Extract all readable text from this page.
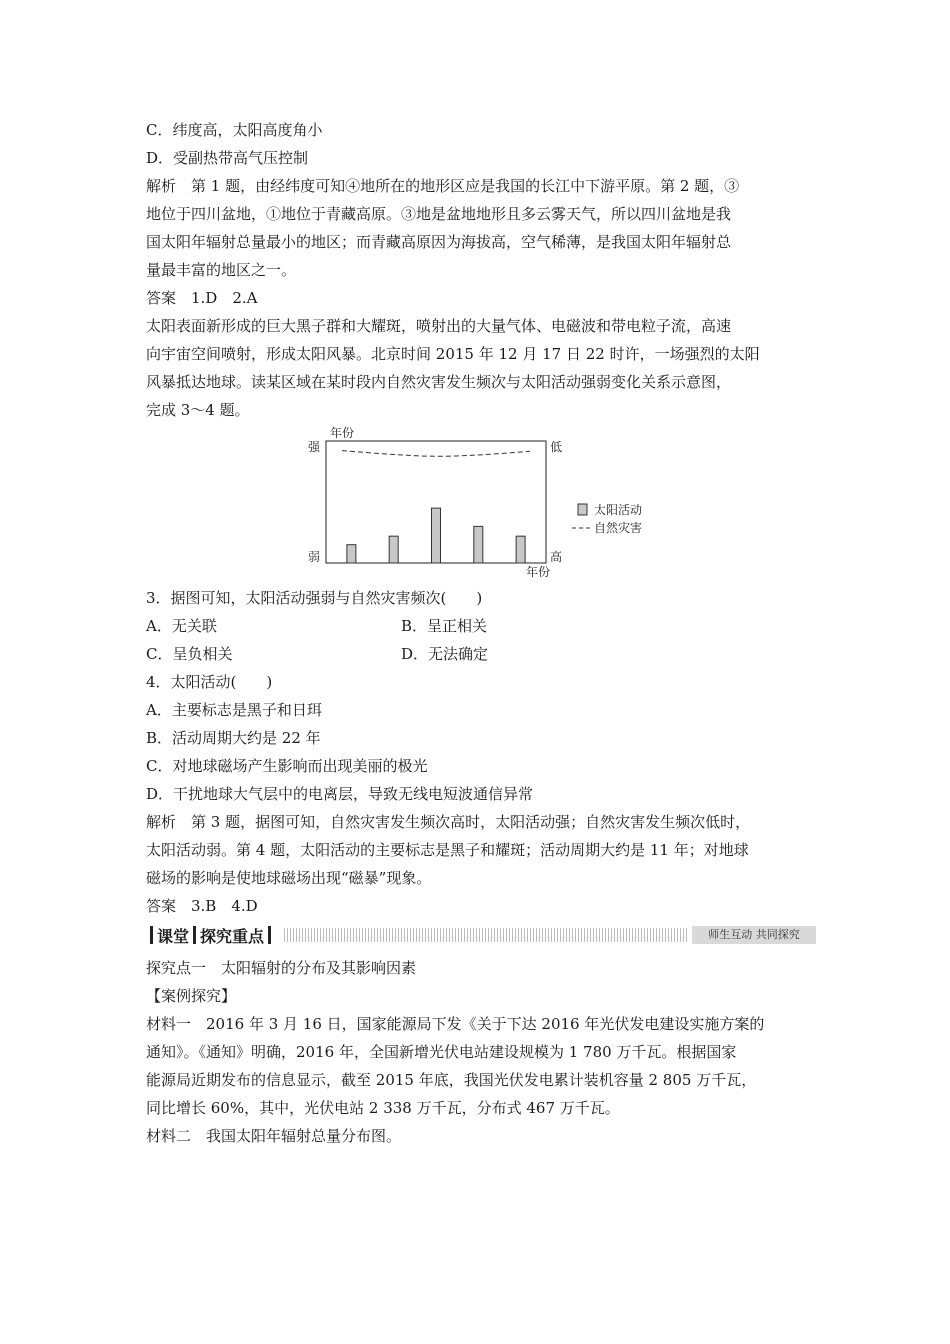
C．纬度高，太阳高度角小
D．受副热带高气压控制
解析　第 1 题，由经纬度可知④地所在的地形区应是我国的长江中下游平原。第 2 题，③
地位于四川盆地，①地位于青藏高原。③地是盆地地形且多云雾天气，所以四川盆地是我
国太阳年辐射总量最小的地区；而青藏高原因为海拔高，空气稀薄，是我国太阳年辐射总
量最丰富的地区之一。
答案　1.D　2.A
太阳表面新形成的巨大黑子群和大耀斑，喷射出的大量气体、电磁波和带电粒子流，高速
向宇宙空间喷射，形成太阳风暴。北京时间 2015 年 12 月 17 日 22 时许，一场强烈的太阳
风暴抵达地球。读某区域在某时段内自然灾害发生频次与太阳活动强弱变化关系示意图，
完成 3～4 题。
强
年份
低
弱	高
年份
太阳活动
自然灾害
3．据图可知，太阳活动强弱与自然灾害频次(　　)
A．无关联	B．呈正相关
C．呈负相关	D．无法确定
4．太阳活动(　　)
A．主要标志是黑子和日珥
B．活动周期大约是 22 年
C．对地球磁场产生影响而出现美丽的极光
D．干扰地球大气层中的电离层，导致无线电短波通信异常
解析　第 3 题，据图可知，自然灾害发生频次高时，太阳活动强；自然灾害发生频次低时，
太阳活动弱。第 4 题，太阳活动的主要标志是黑子和耀斑；活动周期大约是 11 年；对地球
磁场的影响是使地球磁场出现“磁暴”现象。
答案　3.B　4.D
课堂 探究重点	师生互动 共同探究
探究点一　太阳辐射的分布及其影响因素
【案例探究】
材料一　2016 年 3 月 16 日，国家能源局下发《关于下达 2016 年光伏发电建设实施方案的
通知》。《通知》明确，2016 年，全国新增光伏电站建设规模为 1 780 万千瓦。根据国家
能源局近期发布的信息显示，截至 2015 年底，我国光伏发电累计装机容量 2 805 万千瓦，
同比增长 60%，其中，光伏电站 2 338 万千瓦，分布式 467 万千瓦。
材料二　我国太阳年辐射总量分布图。
